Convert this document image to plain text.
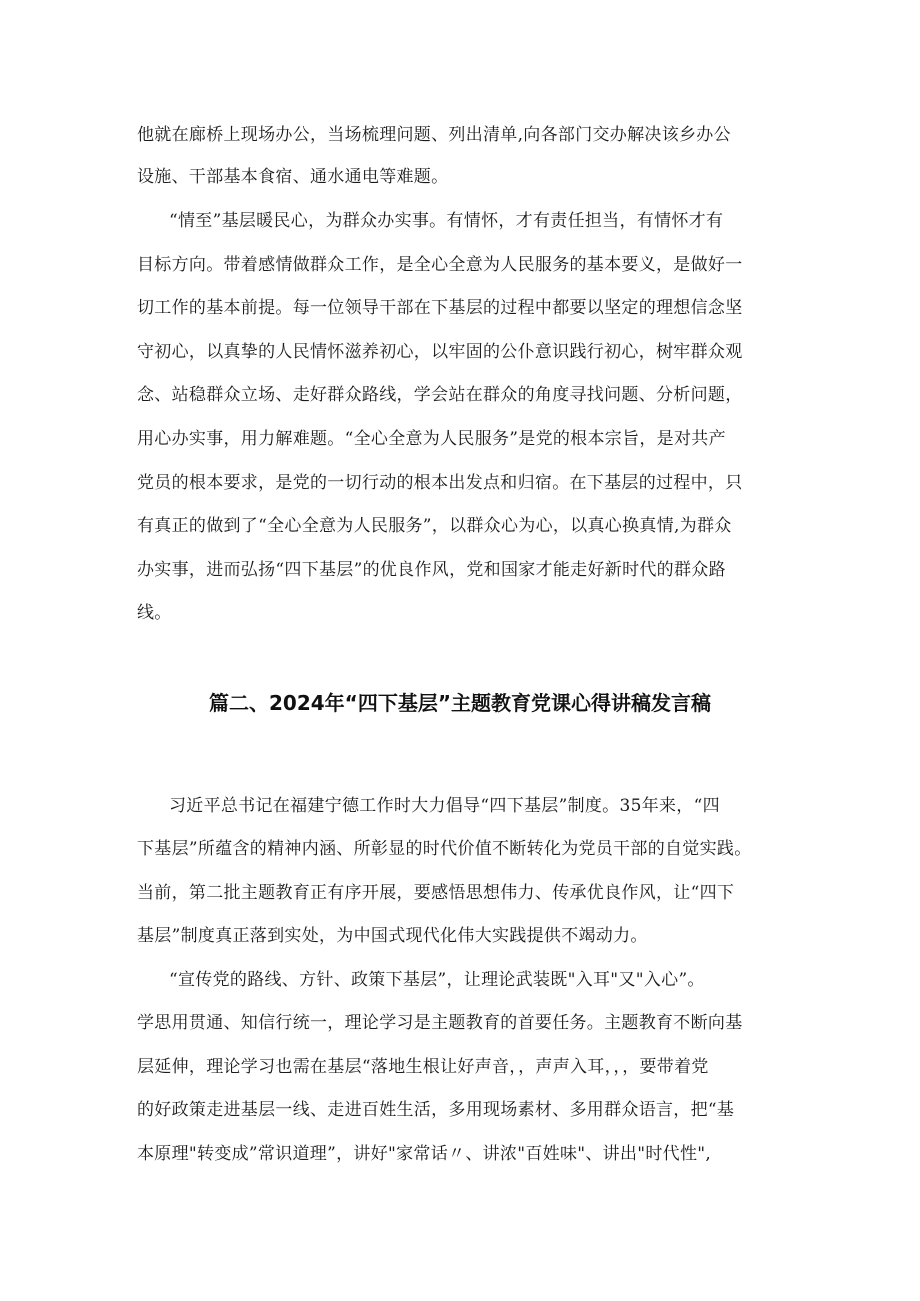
他就在廊桥上现场办公，当场梳理问题、列出清单,向各部门交办解决该乡办公
设施、干部基本食宿、通水通电等难题。
“情至”基层暖民心，为群众办实事。有情怀，才有责任担当，有情怀才有
目标方向。带着感情做群众工作，是全心全意为人民服务的基本要义，是做好一
切工作的基本前提。每一位领导干部在下基层的过程中都要以坚定的理想信念坚
守初心，以真挚的人民情怀滋养初心，以牢固的公仆意识践行初心，树牢群众观
念、站稳群众立场、走好群众路线，学会站在群众的角度寻找问题、分析问题，
用心办实事，用力解难题。“全心全意为人民服务”是党的根本宗旨，是对共产
党员的根本要求，是党的一切行动的根本出发点和归宿。在下基层的过程中，只
有真正的做到了“全心全意为人民服务”，以群众心为心，以真心换真情,为群众
办实事，进而弘扬“四下基层”的优良作风，党和国家才能走好新时代的群众路
线。
篇二、2024年“四下基层”主题教育党课心得讲稿发言稿
习近平总书记在福建宁德工作时大力倡导“四下基层”制度。35年来，“四
下基层”所蕴含的精神内涵、所彰显的时代价值不断转化为党员干部的自觉实践。
当前，第二批主题教育正有序开展，要感悟思想伟力、传承优良作风，让“四下
基层”制度真正落到实处，为中国式现代化伟大实践提供不竭动力。
“宣传党的路线、方针、政策下基层”，让理论武装既"入耳"又"入心”。
学思用贯通、知信行统一，理论学习是主题教育的首要任务。主题教育不断向基
层延伸，理论学习也需在基层“落地生根让好声音，，声声入耳，，，要带着党
的好政策走进基层一线、走进百姓生活，多用现场素材、多用群众语言，把“基
本原理"转变成”常识道理”，讲好"家常话〃、讲浓"百姓味"、讲出"时代性",
